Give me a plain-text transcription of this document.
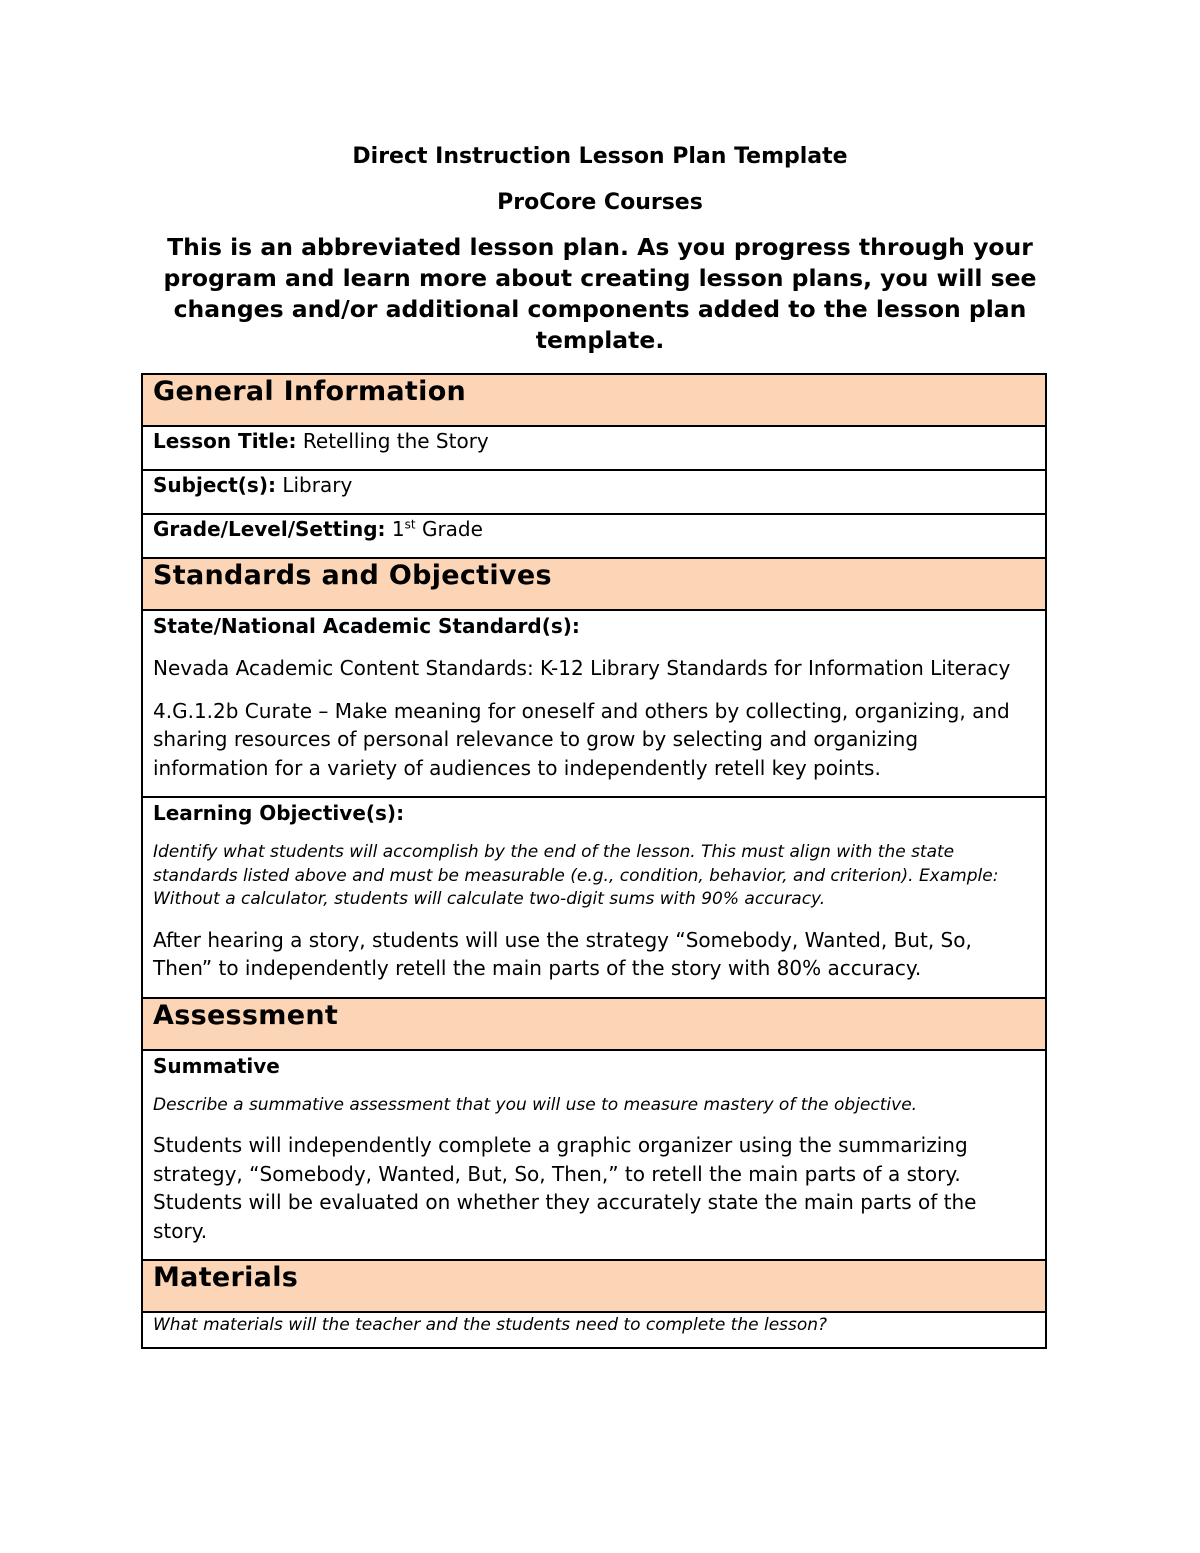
Direct Instruction Lesson Plan Template

ProCore Courses

This is an abbreviated lesson plan. As you progress through your program and learn more about creating lesson plans, you will see changes and/or additional components added to the lesson plan template.

General Information
Lesson Title: Retelling the Story
Subject(s): Library
Grade/Level/Setting: 1st Grade
Standards and Objectives

State/National Academic Standard(s):

Nevada Academic Content Standards: K-12 Library Standards for Information Literacy

4.G.1.2b Curate – Make meaning for oneself and others by collecting, organizing, and sharing resources of personal relevance to grow by selecting and organizing information for a variety of audiences to independently retell key points.

Learning Objective(s):

Identify what students will accomplish by the end of the lesson. This must align with the state standards listed above and must be measurable (e.g., condition, behavior, and criterion). Example: Without a calculator, students will calculate two-digit sums with 90% accuracy.

After hearing a story, students will use the strategy “Somebody, Wanted, But, So, Then” to independently retell the main parts of the story with 80% accuracy.

Assessment

Summative

Describe a summative assessment that you will use to measure mastery of the objective.

Students will independently complete a graphic organizer using the summarizing strategy, “Somebody, Wanted, But, So, Then,” to retell the main parts of a story. Students will be evaluated on whether they accurately state the main parts of the story.

Materials

What materials will the teacher and the students need to complete the lesson?
